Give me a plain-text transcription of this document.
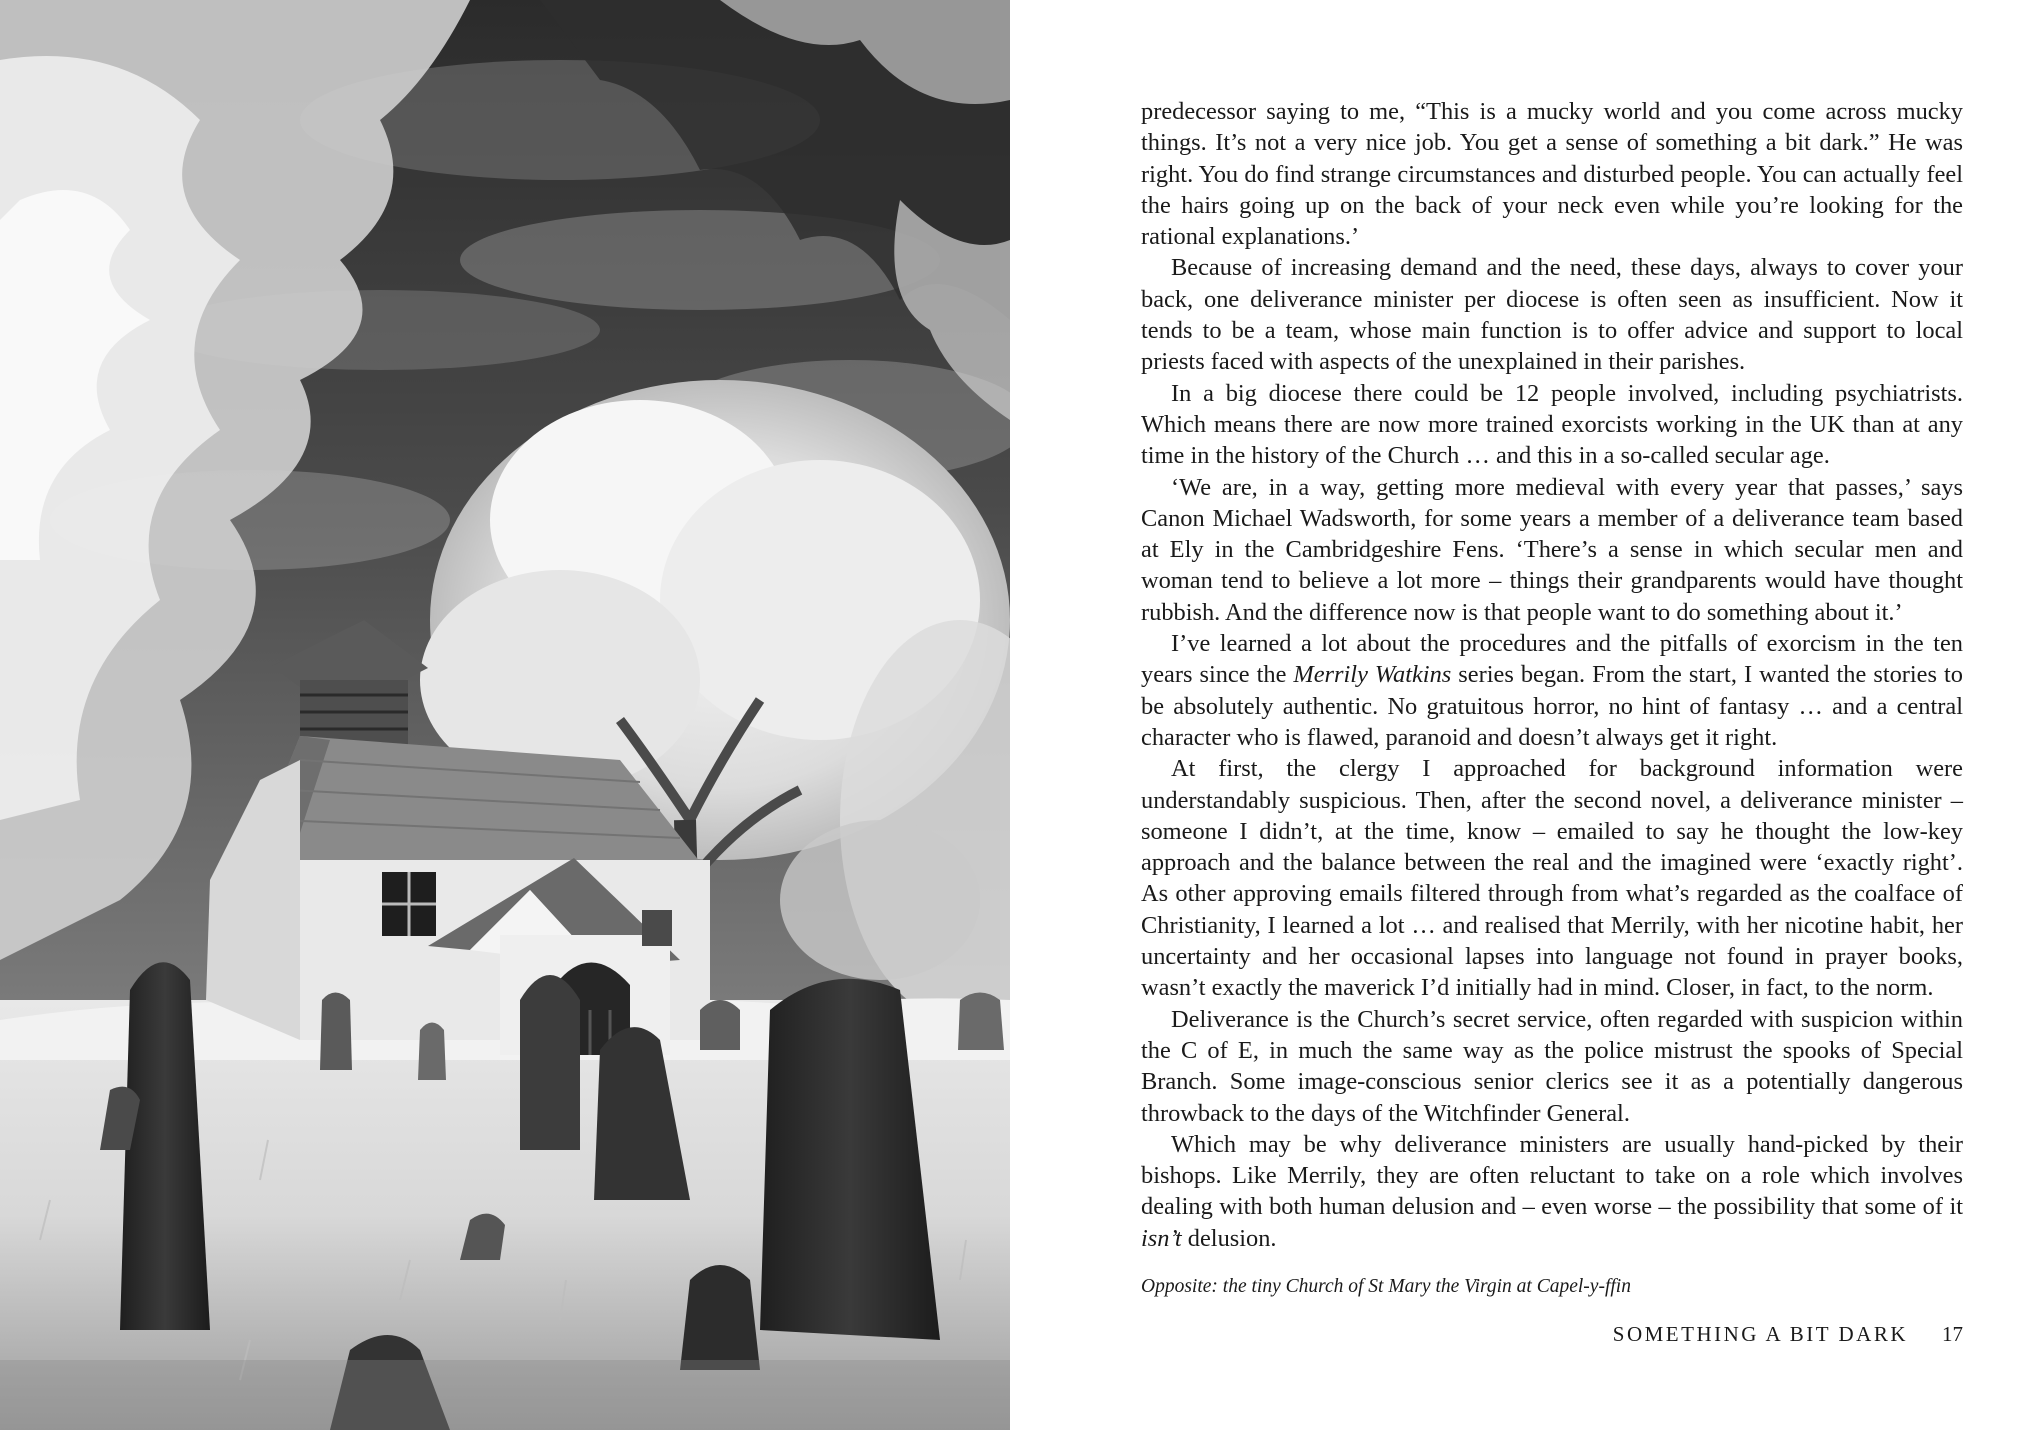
predecessor saying to me, “This is a mucky world and you come across mucky things. It’s not a very nice job. You get a sense of something a bit dark.” He was right. You do find strange circumstances and disturbed people. You can actually feel the hairs going up on the back of your neck even while you’re looking for the rational explanations.’

Because of increasing demand and the need, these days, always to cover your back, one deliverance minister per diocese is often seen as insufficient. Now it tends to be a team, whose main function is to offer advice and support to local priests faced with aspects of the unexplained in their parishes.

In a big diocese there could be 12 people involved, including psychiatrists. Which means there are now more trained exorcists working in the UK than at any time in the history of the Church … and this in a so-called secular age.

‘We are, in a way, getting more medieval with every year that passes,’ says Canon Michael Wadsworth, for some years a member of a deliverance team based at Ely in the Cambridgeshire Fens. ‘There’s a sense in which secular men and woman tend to believe a lot more – things their grandparents would have thought rubbish. And the difference now is that people want to do something about it.’

I’ve learned a lot about the procedures and the pitfalls of exorcism in the ten years since the Merrily Watkins series began. From the start, I wanted the stories to be absolutely authentic. No gratuitous horror, no hint of fantasy … and a central character who is flawed, paranoid and doesn’t always get it right.

At first, the clergy I approached for background information were understandably suspicious. Then, after the second novel, a deliverance minister – someone I didn’t, at the time, know – emailed to say he thought the low-key approach and the balance between the real and the imagined were ‘exactly right’. As other approving emails filtered through from what’s regarded as the coalface of Christianity, I learned a lot … and realised that Merrily, with her nicotine habit, her uncertainty and her occasional lapses into language not found in prayer books, wasn’t exactly the maverick I’d initially had in mind. Closer, in fact, to the norm.

Deliverance is the Church’s secret service, often regarded with suspicion within the C of E, in much the same way as the police mistrust the spooks of Special Branch. Some image-conscious senior clerics see it as a potentially dangerous throwback to the days of the Witchfinder General.

Which may be why deliverance ministers are usually hand-picked by their bishops. Like Merrily, they are often reluctant to take on a role which involves dealing with both human delusion and – even worse – the possibility that some of it isn’t delusion.

Opposite: the tiny Church of St Mary the Virgin at Capel-y-ffin

SOMETHING A BIT DARK 17
